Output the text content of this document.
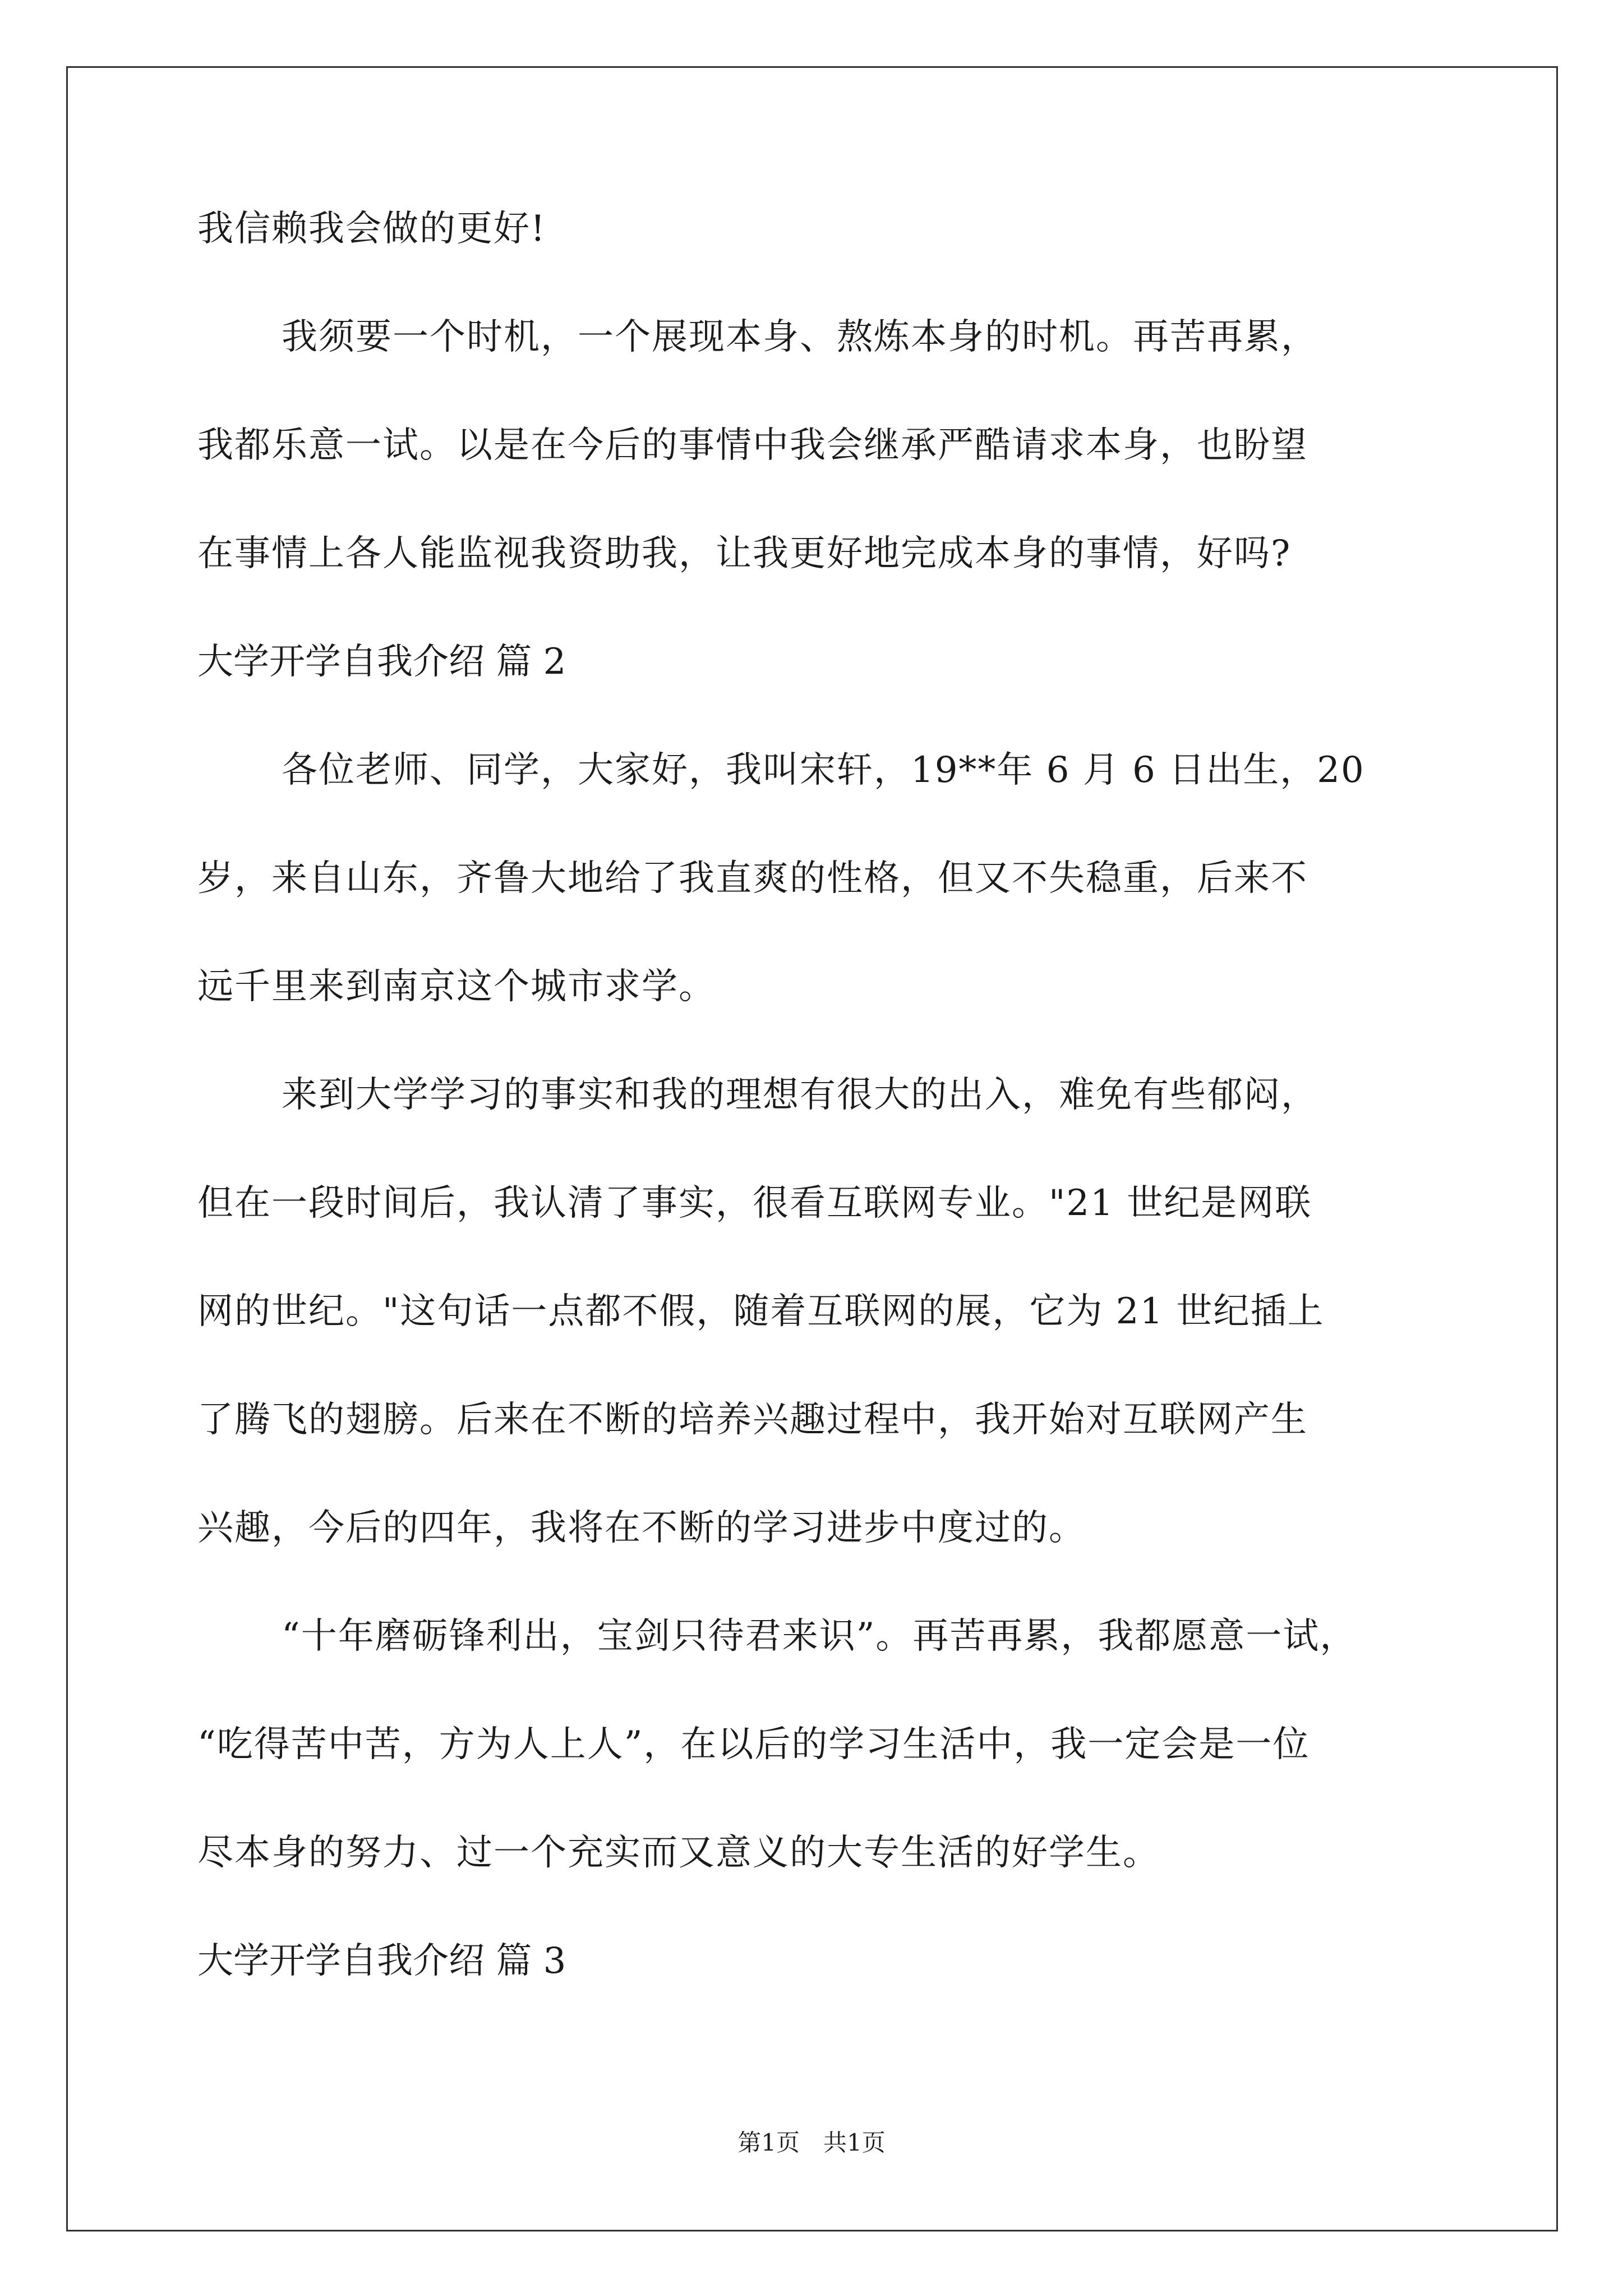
我信赖我会做的更好!
我须要一个时机，一个展现本身、熬炼本身的时机。再苦再累，
我都乐意一试。以是在今后的事情中我会继承严酷请求本身，也盼望
在事情上各人能监视我资助我，让我更好地完成本身的事情，好吗?
大学开学自我介绍 篇 2
各位老师、同学，大家好，我叫宋轩，19**年 6 月 6 日出生，20
岁，来自山东，齐鲁大地给了我直爽的性格，但又不失稳重，后来不
远千里来到南京这个城市求学。
来到大学学习的事实和我的理想有很大的出入，难免有些郁闷，
但在一段时间后，我认清了事实，很看互联网专业。"21 世纪是网联
网的世纪。"这句话一点都不假，随着互联网的展，它为 21 世纪插上
了腾飞的翅膀。后来在不断的培养兴趣过程中，我开始对互联网产生
兴趣，今后的四年，我将在不断的学习进步中度过的。
“十年磨砺锋利出，宝剑只待君来识”。再苦再累，我都愿意一试，
“吃得苦中苦，方为人上人”，在以后的学习生活中，我一定会是一位
尽本身的努力、过一个充实而又意义的大专生活的好学生。
大学开学自我介绍 篇 3
第1页　共1页
